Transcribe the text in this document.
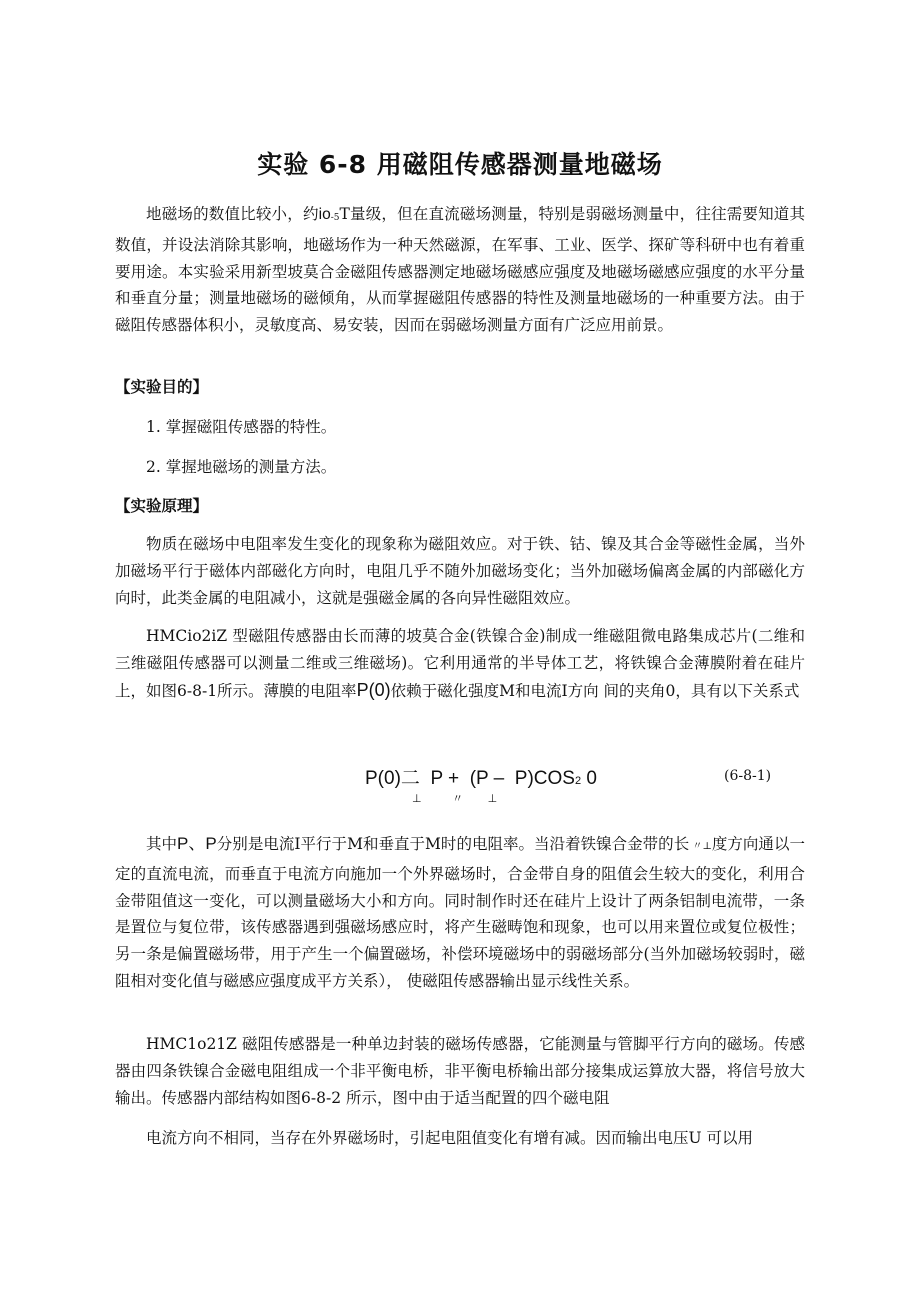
实验 6-8 用磁阻传感器测量地磁场

地磁场的数值比较小，约io-5T量级，但在直流磁场测量，特别是弱磁场测量中，往往需要知道其数值，并设法消除其影响，地磁场作为一种天然磁源，在军事、工业、医学、探矿等科研中也有着重要用途。本实验采用新型坡莫合金磁阻传感器测定地磁场磁感应强度及地磁场磁感应强度的水平分量和垂直分量；测量地磁场的磁倾角，从而掌握磁阻传感器的特性及测量地磁场的一种重要方法。由于磁阻传感器体积小，灵敏度高、易安装，因而在弱磁场测量方面有广泛应用前景。

【实验目的】
1. 掌握磁阻传感器的特性。
2. 掌握地磁场的测量方法。
【实验原理】

物质在磁场中电阻率发生变化的现象称为磁阻效应。对于铁、钴、镍及其合金等磁性金属，当外加磁场平行于磁体内部磁化方向时，电阻几乎不随外加磁场变化；当外加磁场偏离金属的内部磁化方向时，此类金属的电阻减小，这就是强磁金属的各向异性磁阻效应。

HMCio2iZ 型磁阻传感器由长而薄的坡莫合金(铁镍合金)制成一维磁阻微电路集成芯片(二维和三维磁阻传感器可以测量二维或三维磁场)。它利用通常的半导体工艺，将铁镍合金薄膜附着在硅片上，如图6-8-1所示。薄膜的电阻率P(0)依赖于磁化强度M和电流I方向 间的夹角0，具有以下关系式

P(0)二  P +  (P –  P)COS2 0
⊥          〃        ⊥
(6-8-1)

其中P、P分别是电流I平行于M和垂直于M时的电阻率。当沿着铁镍合金带的长 〃⊥度方向通以一定的直流电流，而垂直于电流方向施加一个外界磁场时，合金带自身的阻值会生较大的变化，利用合金带阻值这一变化，可以测量磁场大小和方向。同时制作时还在硅片上设计了两条铝制电流带，一条是置位与复位带，该传感器遇到强磁场感应时，将产生磁畴饱和现象，也可以用来置位或复位极性；另一条是偏置磁场带，用于产生一个偏置磁场，补偿环境磁场中的弱磁场部分(当外加磁场较弱时，磁阻相对变化值与磁感应强度成平方关系）， 使磁阻传感器输出显示线性关系。

HMC1o21Z 磁阻传感器是一种单边封装的磁场传感器，它能测量与管脚平行方向的磁场。传感器由四条铁镍合金磁电阻组成一个非平衡电桥，非平衡电桥输出部分接集成运算放大器，将信号放大输出。传感器内部结构如图6-8-2 所示，图中由于适当配置的四个磁电阻

电流方向不相同，当存在外界磁场时，引起电阻值变化有增有减。因而输出电压U 可以用
